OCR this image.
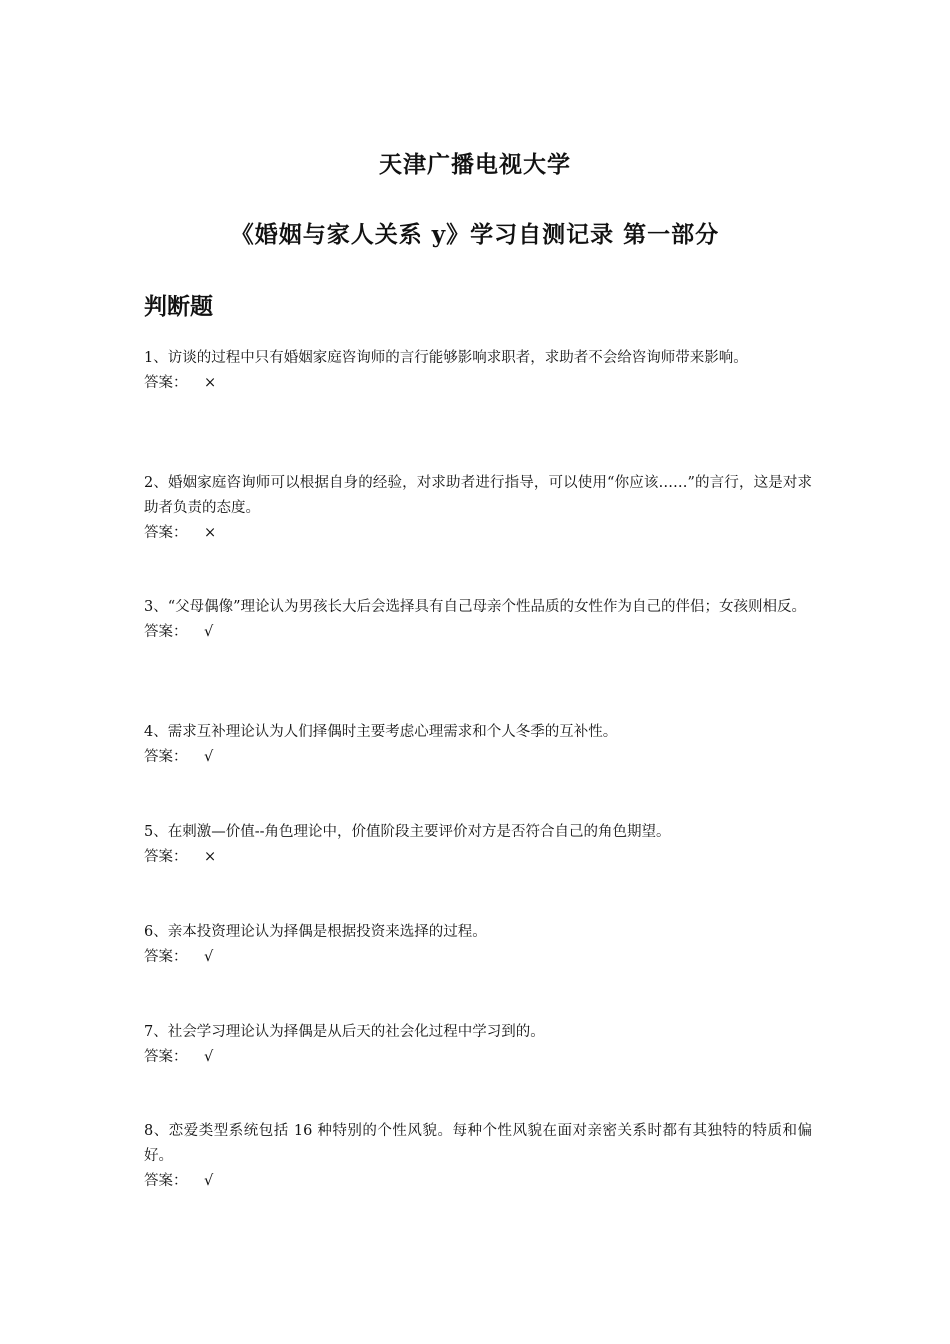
天津广播电视大学
《婚姻与家人关系 y》学习自测记录 第一部分
判断题
1、访谈的过程中只有婚姻家庭咨询师的言行能够影响求职者，求助者不会给咨询师带来影响。
答案： ×
2、婚姻家庭咨询师可以根据自身的经验，对求助者进行指导，可以使用“你应该……”的言行，这是对求助者负责的态度。
答案： ×
3、“父母偶像”理论认为男孩长大后会选择具有自己母亲个性品质的女性作为自己的伴侣；女孩则相反。
答案： √
4、需求互补理论认为人们择偶时主要考虑心理需求和个人冬季的互补性。
答案： √
5、在刺激—价值--角色理论中，价值阶段主要评价对方是否符合自己的角色期望。
答案： ×
6、亲本投资理论认为择偶是根据投资来选择的过程。
答案： √
7、社会学习理论认为择偶是从后天的社会化过程中学习到的。
答案： √
8、恋爱类型系统包括 16 种特别的个性风貌。每种个性风貌在面对亲密关系时都有其独特的特质和偏好。
答案： √
